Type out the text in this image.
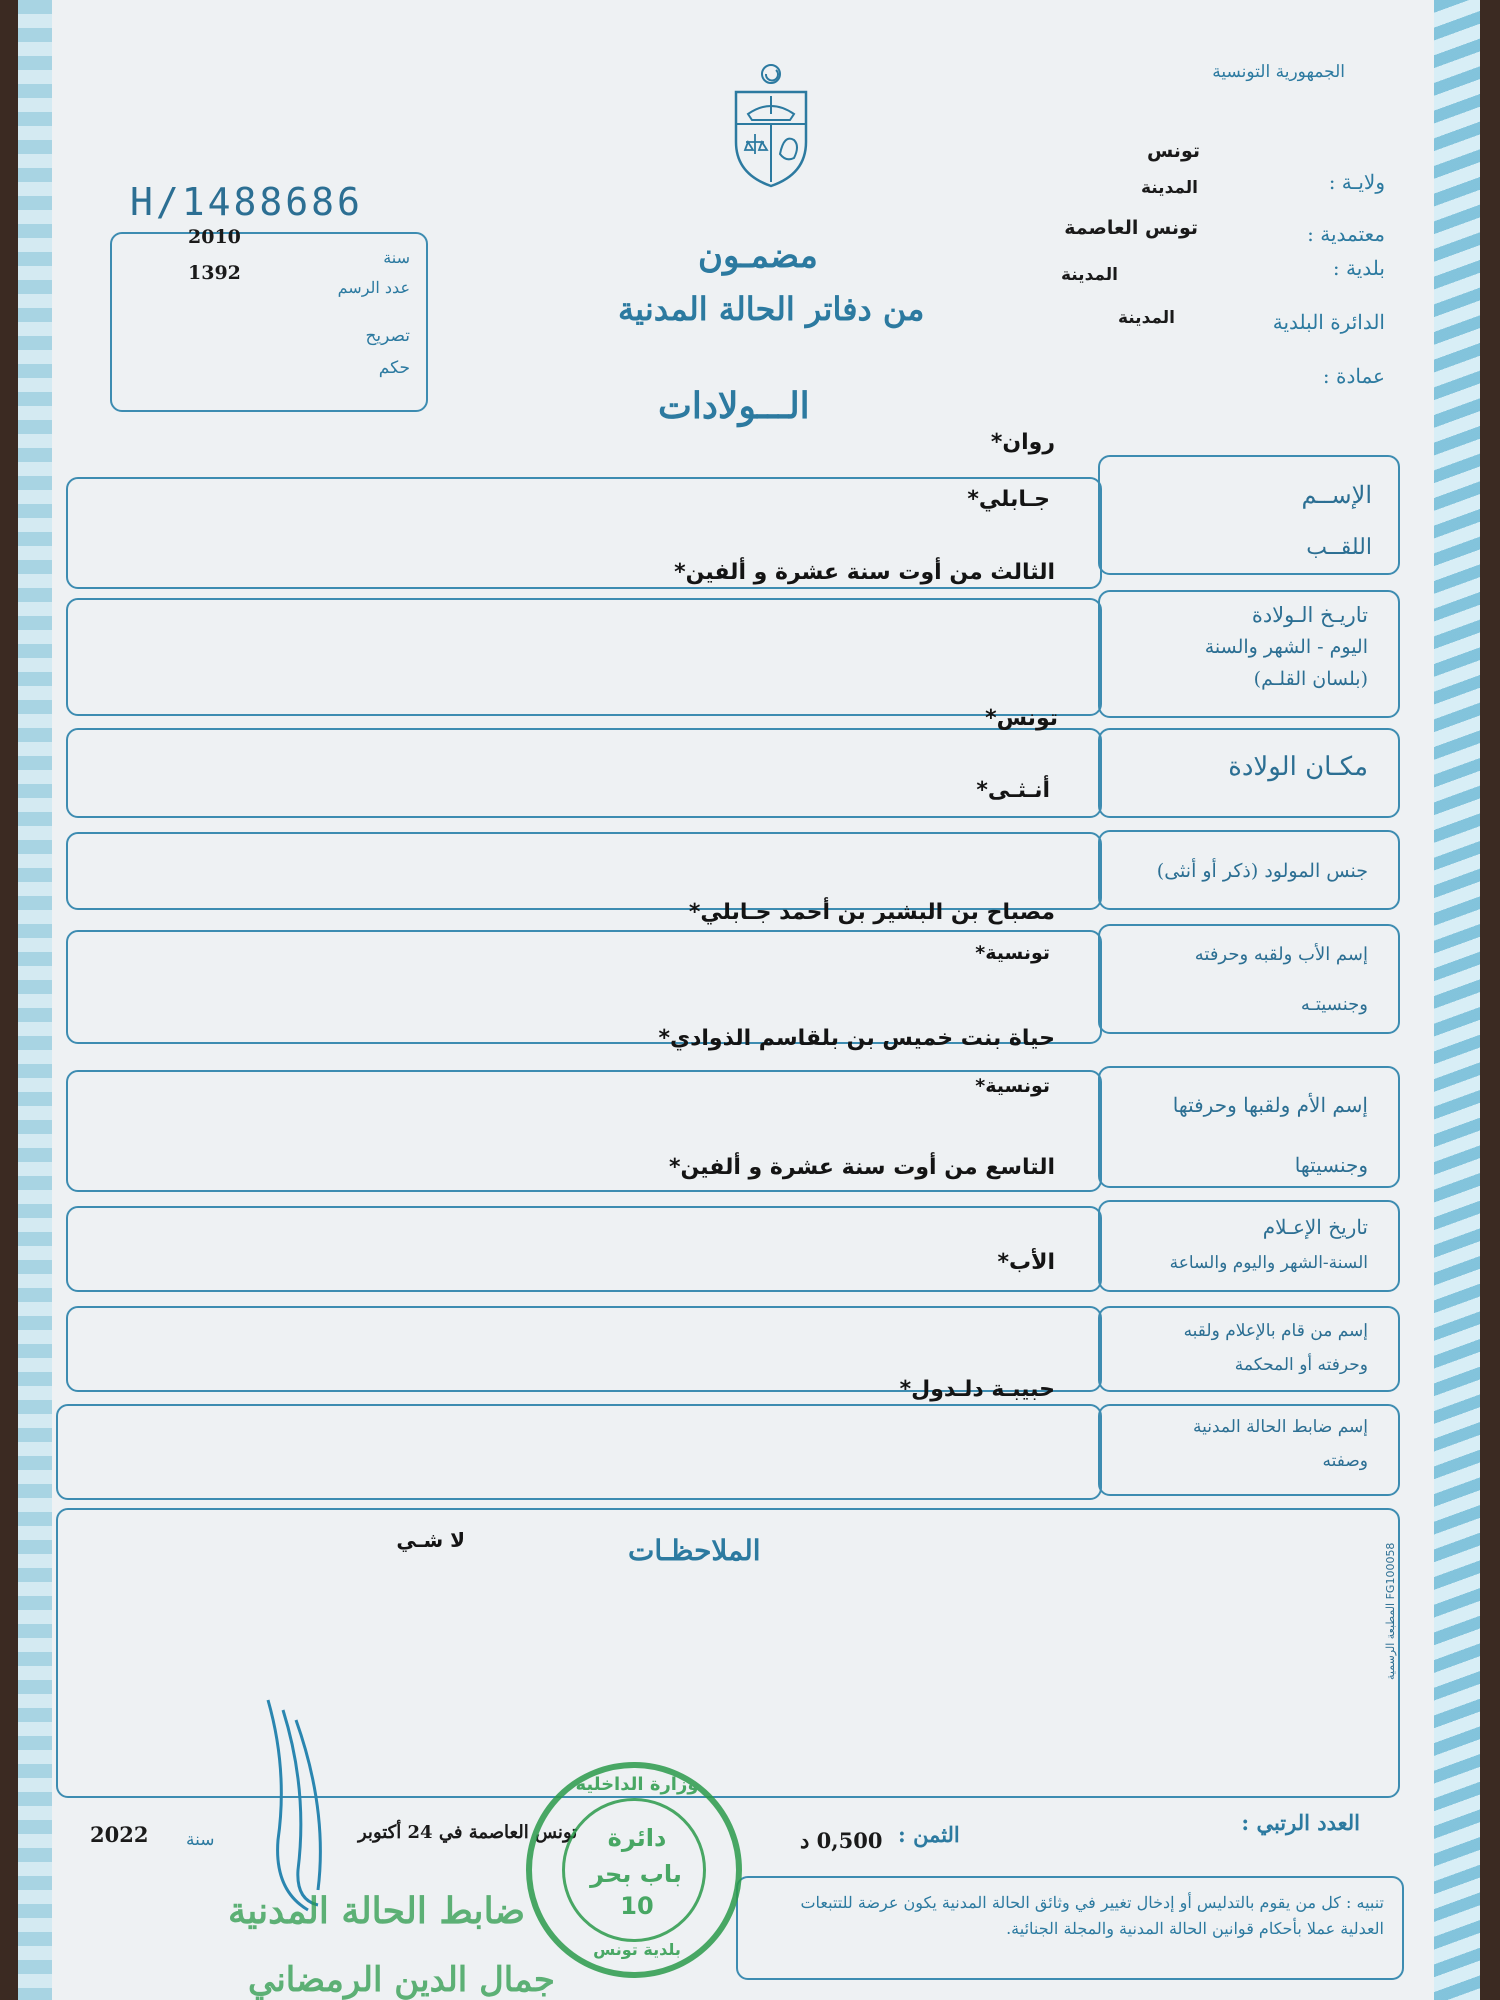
الجمهورية التونسية
تونس
ولايـة :
المدينة
معتمدية :
تونس العاصمة
بلدية :
المدينة
الدائرة البلدية
المدينة
عمادة :
مضمـون
من دفاتر الحالة المدنية
الـــولادات
H/1488686
2010
سنة
1392
عدد الرسم
تصريح
حكم
الإســم
اللقــب
روان*
جـابلي*
تاريـخ الـولادة
اليوم - الشهر والسنة
(بلسان القلـم)
الثالث من أوت سنة عشرة و ألفين*
مكـان الولادة
تونس*
جنس المولود (ذكر أو أنثى)
أنـثـى*
إسم الأب ولقبه وحرفته
وجنسيتـه
مصباح بن البشير بن أحمد جـابلي*
تونسية*
إسم الأم ولقبها وحرفتها
وجنسيتها
حياة بنت خميس بن بلقاسم الذوادي*
تونسية*
تاريخ الإعـلام
السنة-الشهر واليوم والساعة
التاسع من أوت سنة عشرة و ألفين*
إسم من قام بالإعلام ولقبه
وحرفته أو المحكمة
الأب*
إسم ضابط الحالة المدنية
وصفته
حبيبـة دلـدول*
الملاحظـات
لا شـي
المطبعة الرسمية FG100058
العدد الرتبي :
الثمن :
0,500 د
تونس العاصمة في 24 أكتوبر
سنة
2022
تنبيه : كل من يقوم بالتدليس أو إدخال تغيير في وثائق الحالة المدنية يكون عرضة للتتبعات العدلية عملا بأحكام قوانين الحالة المدنية والمجلة الجنائية.
ضابط الحالة المدنية
جمال الدين الرمضاني
وزارة الداخلية
دائرة
باب بحر
10
بلدية تونس
